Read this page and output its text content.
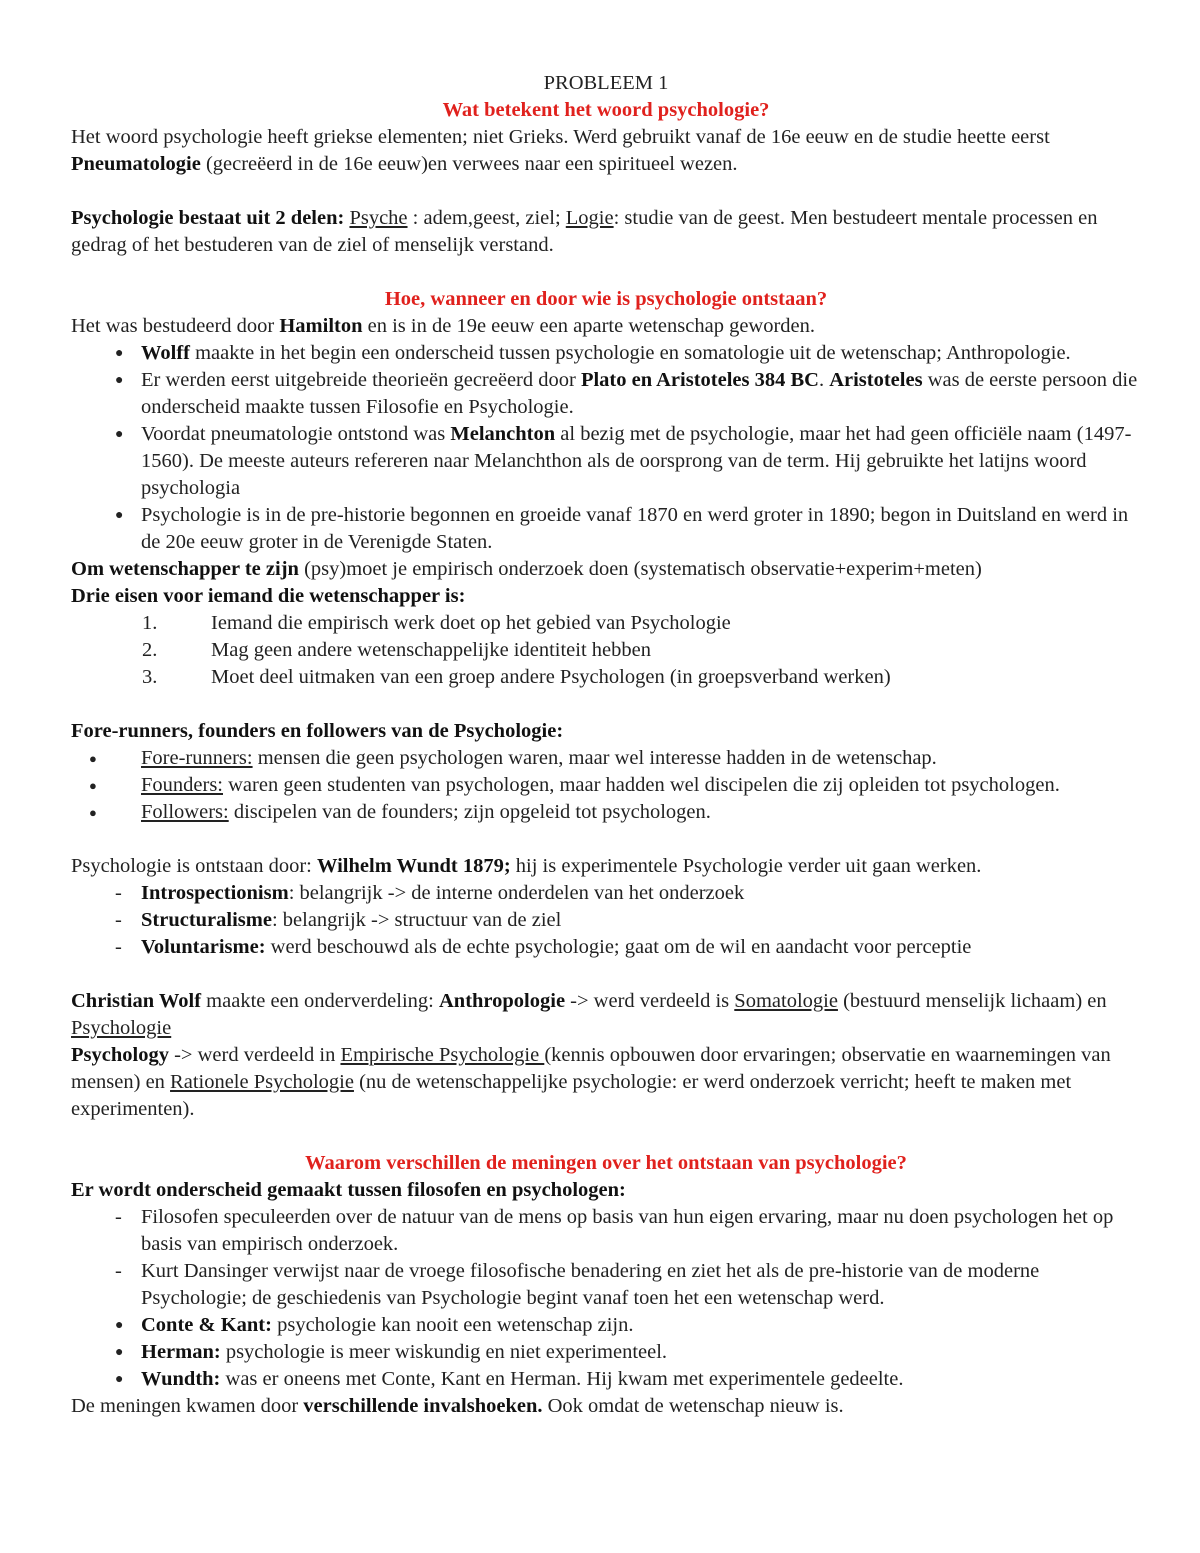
PROBLEEM 1

Wat betekent het woord psychologie?

Het woord psychologie heeft griekse elementen; niet Grieks. Werd gebruikt vanaf de 16e eeuw en de studie heette eerst Pneumatologie (gecreëerd in de 16e eeuw)en verwees naar een spiritueel wezen.

Psychologie bestaat uit 2 delen: Psyche : adem,geest, ziel; Logie: studie van de geest. Men bestudeert mentale processen en gedrag of het bestuderen van de ziel of menselijk verstand.

Hoe, wanneer en door wie is psychologie ontstaan?

Het was bestudeerd door Hamilton en is in de 19e eeuw een aparte wetenschap geworden.

● Wolff maakte in het begin een onderscheid tussen psychologie en somatologie uit de wetenschap; Anthropologie.
● Er werden eerst uitgebreide theorieën gecreëerd door Plato en Aristoteles 384 BC. Aristoteles was de eerste persoon die onderscheid maakte tussen Filosofie en Psychologie.
● Voordat pneumatologie ontstond was Melanchton al bezig met de psychologie, maar het had geen officiële naam (1497-1560). De meeste auteurs refereren naar Melanchthon als de oorsprong van de term. Hij gebruikte het latijns woord psychologia
● Psychologie is in de pre-historie begonnen en groeide vanaf 1870 en werd groter in 1890; begon in Duitsland en werd in de 20e eeuw groter in de Verenigde Staten.

Om wetenschapper te zijn (psy)moet je empirisch onderzoek doen (systematisch observatie+experim+meten)

Drie eisen voor iemand die wetenschapper is:

1.	Iemand die empirisch werk doet op het gebied van Psychologie
2.	Mag geen andere wetenschappelijke identiteit hebben
3.	Moet deel uitmaken van een groep andere Psychologen (in groepsverband werken)

Fore-runners, founders en followers van de Psychologie:

● Fore-runners: mensen die geen psychologen waren, maar wel interesse hadden in de wetenschap.
● Founders: waren geen studenten van psychologen, maar hadden wel discipelen die zij opleiden tot psychologen.
● Followers: discipelen van de founders; zijn opgeleid tot psychologen.

Psychologie is ontstaan door: Wilhelm Wundt 1879; hij is experimentele Psychologie verder uit gaan werken.

- Introspectionism: belangrijk -> de interne onderdelen van het onderzoek
- Structuralisme: belangrijk -> structuur van de ziel
- Voluntarisme: werd beschouwd als de echte psychologie; gaat om de wil en aandacht voor perceptie

Christian Wolf maakte een onderverdeling: Anthropologie -> werd verdeeld is Somatologie (bestuurd menselijk lichaam) en Psychologie

Psychology -> werd verdeeld in Empirische Psychologie (kennis opbouwen door ervaringen; observatie en waarnemingen van mensen) en Rationele Psychologie (nu de wetenschappelijke psychologie: er werd onderzoek verricht; heeft te maken met experimenten).

Waarom verschillen de meningen over het ontstaan van psychologie?

Er wordt onderscheid gemaakt tussen filosofen en psychologen:

- Filosofen speculeerden over de natuur van de mens op basis van hun eigen ervaring, maar nu doen psychologen het op basis van empirisch onderzoek.
- Kurt Dansinger verwijst naar de vroege filosofische benadering en ziet het als de pre-historie van de moderne Psychologie; de geschiedenis van Psychologie begint vanaf toen het een wetenschap werd.
● Conte & Kant: psychologie kan nooit een wetenschap zijn.
● Herman: psychologie is meer wiskundig en niet experimenteel.
● Wundth: was er oneens met Conte, Kant en Herman. Hij kwam met experimentele gedeelte.

De meningen kwamen door verschillende invalshoeken. Ook omdat de wetenschap nieuw is.
